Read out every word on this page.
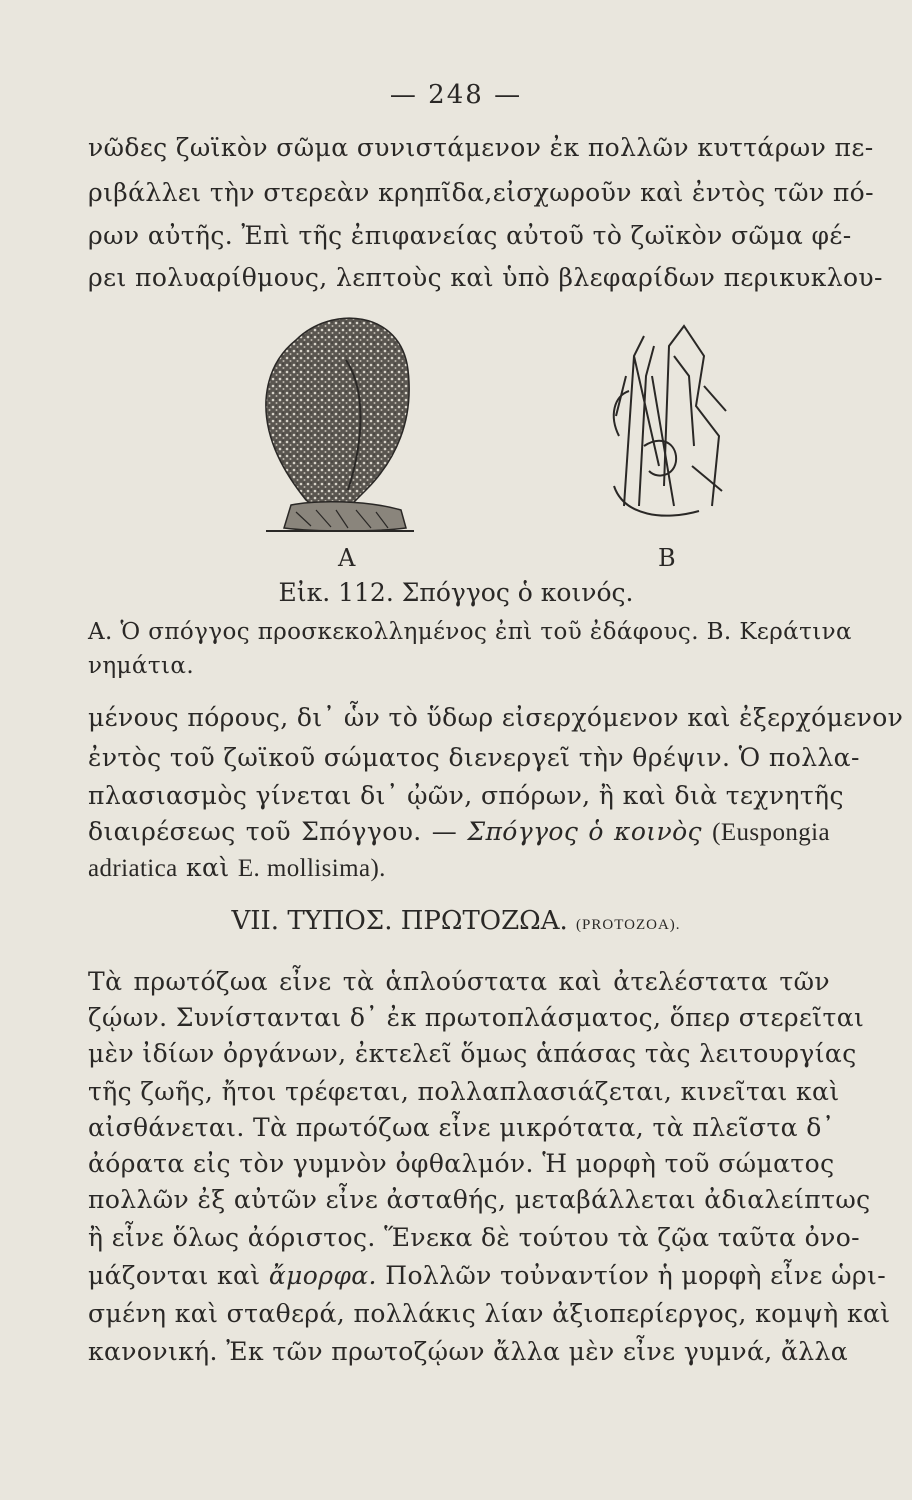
— 248 —
νῶδες ζωϊκὸν σῶμα συνιστάμενον ἐκ πολλῶν κυττάρων πε-
ριβάλλει τὴν στερεὰν κρηπῖδα,εἰσχωροῦν καὶ ἐντὸς τῶν πό-
ρων αὐτῆς. Ἐπὶ τῆς ἐπιφανείας αὐτοῦ τὸ ζωϊκὸν σῶμα φέ-
ρει πολυαρίθμους, λεπτοὺς καὶ ὑπὸ βλεφαρίδων περικυκλου-
A	B
Εἰκ. 112. Σπόγγος ὁ κοινός.
A. Ὁ σπόγγος προσκεκολλημένος ἐπὶ τοῦ ἐδάφους. B. Κεράτινα
νημάτια.
μένους πόρους, δι᾽ ὧν τὸ ὕδωρ εἰσερχόμενον καὶ ἐξερχόμενον
ἐντὸς τοῦ ζωϊκοῦ σώματος διενεργεῖ τὴν θρέψιν. Ὁ πολλα-
πλασιασμὸς γίνεται δι᾽ ᾠῶν, σπόρων, ἢ καὶ διὰ τεχνητῆς
διαιρέσεως τοῦ Σπόγγου. — Σπόγγος ὁ κοινὸς (Euspongia
adriatica καὶ E. mollisima).
VII. ΤΥΠΟΣ. ΠΡΩΤΟΖΩΑ. (PROTOZOA).
Τὰ πρωτόζωα εἶνε τὰ ἁπλούστατα καὶ ἀτελέστατα τῶν
ζῴων. Συνίστανται δ᾽ ἐκ πρωτοπλάσματος, ὅπερ στερεῖται
μὲν ἰδίων ὀργάνων, ἐκτελεῖ ὅμως ἁπάσας τὰς λειτουργίας
τῆς ζωῆς, ἤτοι τρέφεται, πολλαπλασιάζεται, κινεῖται καὶ
αἰσθάνεται. Τὰ πρωτόζωα εἶνε μικρότατα, τὰ πλεῖστα δ᾽
ἀόρατα εἰς τὸν γυμνὸν ὀφθαλμόν. Ἡ μορφὴ τοῦ σώματος
πολλῶν ἐξ αὐτῶν εἶνε ἀσταθής, μεταβάλλεται ἀδιαλείπτως
ἢ εἶνε ὅλως ἀόριστος. Ἕνεκα δὲ τούτου τὰ ζῷα ταῦτα ὀνο-
μάζονται καὶ ἄμορφα. Πολλῶν τοὐναντίον ἡ μορφὴ εἶνε ὡρι-
σμένη καὶ σταθερά, πολλάκις λίαν ἀξιοπερίεργος, κομψὴ καὶ
κανονική. Ἐκ τῶν πρωτοζῴων ἄλλα μὲν εἶνε γυμνά, ἄλλα
